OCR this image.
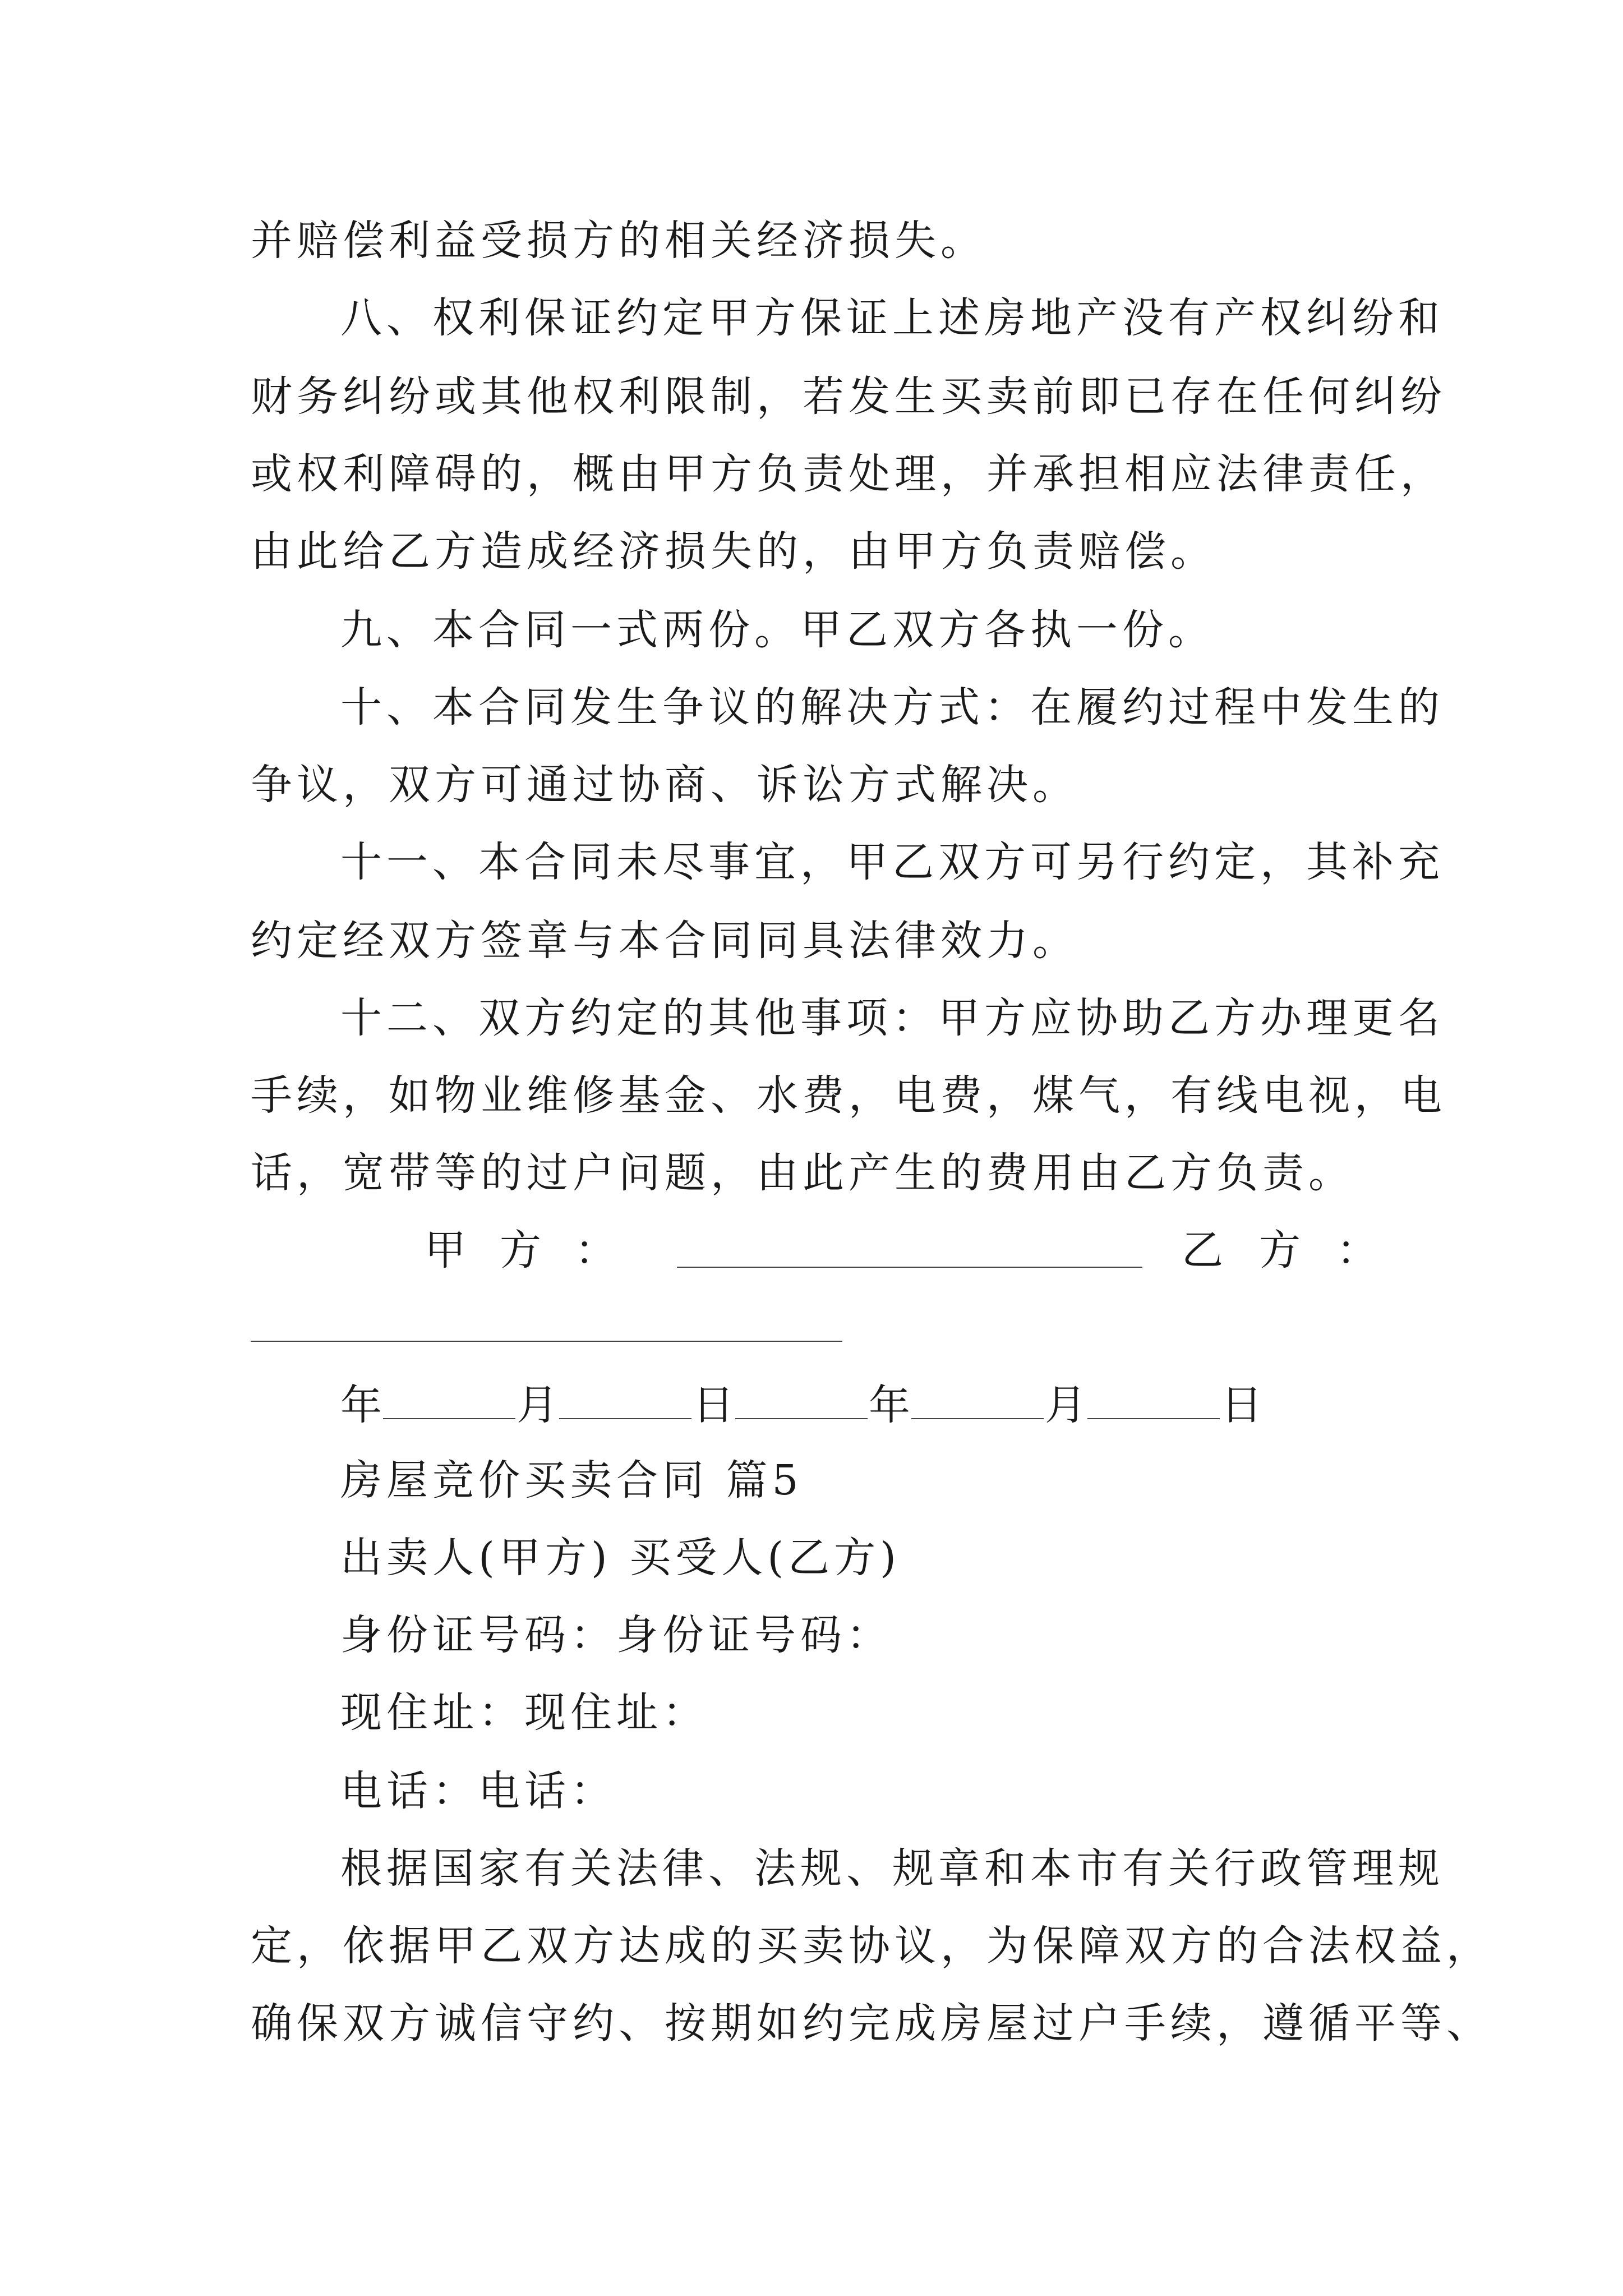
并赔偿利益受损方的相关经济损失。
八、权利保证约定甲方保证上述房地产没有产权纠纷和
财务纠纷或其他权利限制，若发生买卖前即已存在任何纠纷
或权利障碍的，概由甲方负责处理，并承担相应法律责任，
由此给乙方造成经济损失的，由甲方负责赔偿。
九、本合同一式两份。甲乙双方各执一份。
十、本合同发生争议的解决方式：在履约过程中发生的
争议，双方可通过协商、诉讼方式解决。
十一、本合同未尽事宜，甲乙双方可另行约定，其补充
约定经双方签章与本合同同具法律效力。
十二、双方约定的其他事项：甲方应协助乙方办理更名
手续，如物业维修基金、水费，电费，煤气，有线电视，电
话，宽带等的过户问题，由此产生的费用由乙方负责。
甲方：	乙方：
年	月	日	年	月	日
房屋竞价买卖合同 篇5
出卖人(甲方) 买受人(乙方)
身份证号码：身份证号码：
现住址：现住址：
电话：电话：
根据国家有关法律、法规、规章和本市有关行政管理规
定，依据甲乙双方达成的买卖协议，为保障双方的合法权益，
确保双方诚信守约、按期如约完成房屋过户手续，遵循平等、
